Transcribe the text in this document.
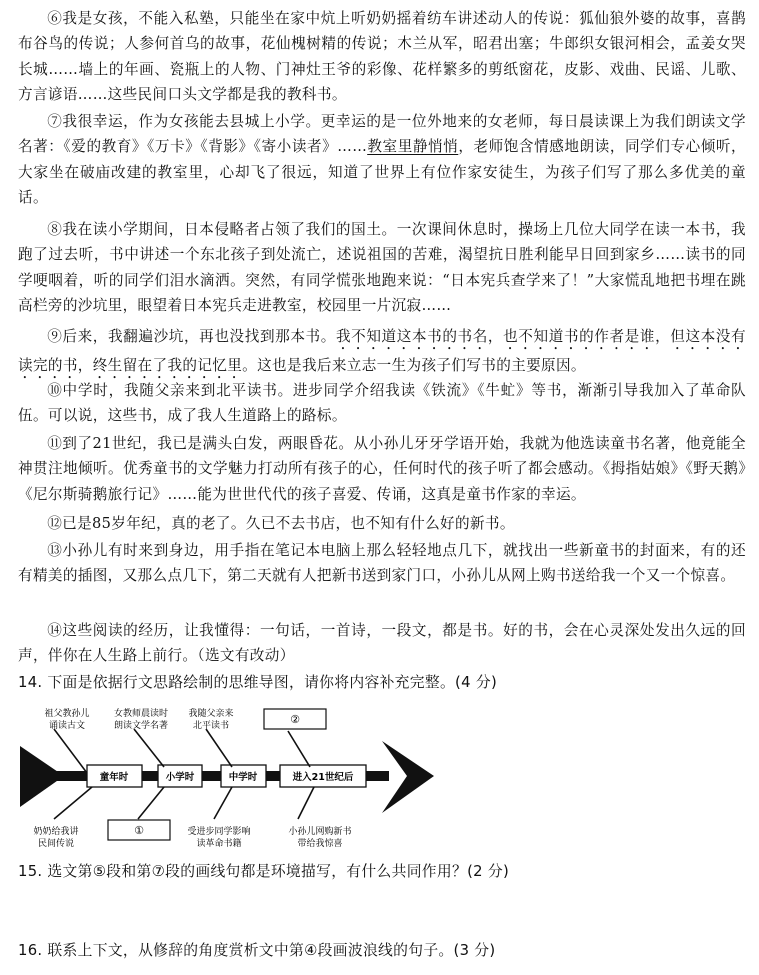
⑥我是女孩，不能入私塾，只能坐在家中炕上听奶奶摇着纺车讲述动人的传说：狐仙狼外婆的故事，喜鹊布谷鸟的传说；人参何首乌的故事，花仙槐树精的传说；木兰从军，昭君出塞；牛郎织女银河相会，孟姜女哭长城……墙上的年画、瓷瓶上的人物、门神灶王爷的彩像、花样繁多的剪纸窗花，皮影、戏曲、民谣、儿歌、方言谚语……这些民间口头文学都是我的教科书。

⑦我很幸运，作为女孩能去县城上小学。更幸运的是一位外地来的女老师，每日晨读课上为我们朗读文学名著：《爱的教育》《万卡》《背影》《寄小读者》……教室里静悄悄，老师饱含情感地朗读，同学们专心倾听，大家坐在破庙改建的教室里，心却飞了很远，知道了世界上有位作家安徒生，为孩子们写了那么多优美的童话。

⑧我在读小学期间，日本侵略者占领了我们的国土。一次课间休息时，操场上几位大同学在读一本书，我跑了过去听，书中讲述一个东北孩子到处流亡，述说祖国的苦难，渴望抗日胜利能早日回到家乡……读书的同学哽咽着，听的同学们泪水滴洒。突然，有同学慌张地跑来说：“日本宪兵查学来了！”大家慌乱地把书埋在跳高栏旁的沙坑里，眼望着日本宪兵走进教室，校园里一片沉寂……

⑨后来，我翻遍沙坑，再也没找到那本书。我不知道这本书的书名，也不知道书的作者是谁，但这本没有读完的书，终生留在了我的记忆里。这也是我后来立志一生为孩子们写书的主要原因。

⑩中学时，我随父亲来到北平读书。进步同学介绍我读《铁流》《牛虻》等书，渐渐引导我加入了革命队伍。可以说，这些书，成了我人生道路上的路标。

⑪到了21世纪，我已是满头白发，两眼昏花。从小孙儿牙牙学语开始，我就为他选读童书名著，他竟能全神贯注地倾听。优秀童书的文学魅力打动所有孩子的心，任何时代的孩子听了都会感动。《拇指姑娘》《野天鹅》《尼尔斯骑鹅旅行记》……能为世世代代的孩子喜爱、传诵，这真是童书作家的幸运。

⑫已是85岁年纪，真的老了。久已不去书店，也不知有什么好的新书。

⑬小孙儿有时来到身边，用手指在笔记本电脑上那么轻轻地点几下，就找出一些新童书的封面来，有的还有精美的插图，又那么点几下，第二天就有人把新书送到家门口，小孙儿从网上购书送给我一个又一个惊喜。

⑭这些阅读的经历，让我懂得：一句话，一首诗，一段文，都是书。好的书，会在心灵深处发出久远的回声，伴你在人生路上前行。（选文有改动）

14. 下面是依据行文思路绘制的思维导图，请你将内容补充完整。(4 分)

童年时	小学时	中学时	进入21世纪后
祖父教孙儿
诵读古文
女教师晨读时
朗读文学名著
我随父亲来
北平读书	②
奶奶给我讲
民间传说
①	受进步同学影响
读革命书籍
小孙儿网购新书
带给我惊喜

15. 选文第⑤段和第⑦段的画线句都是环境描写，有什么共同作用？(2 分)

16. 联系上下文，从修辞的角度赏析文中第④段画波浪线的句子。(3 分)
